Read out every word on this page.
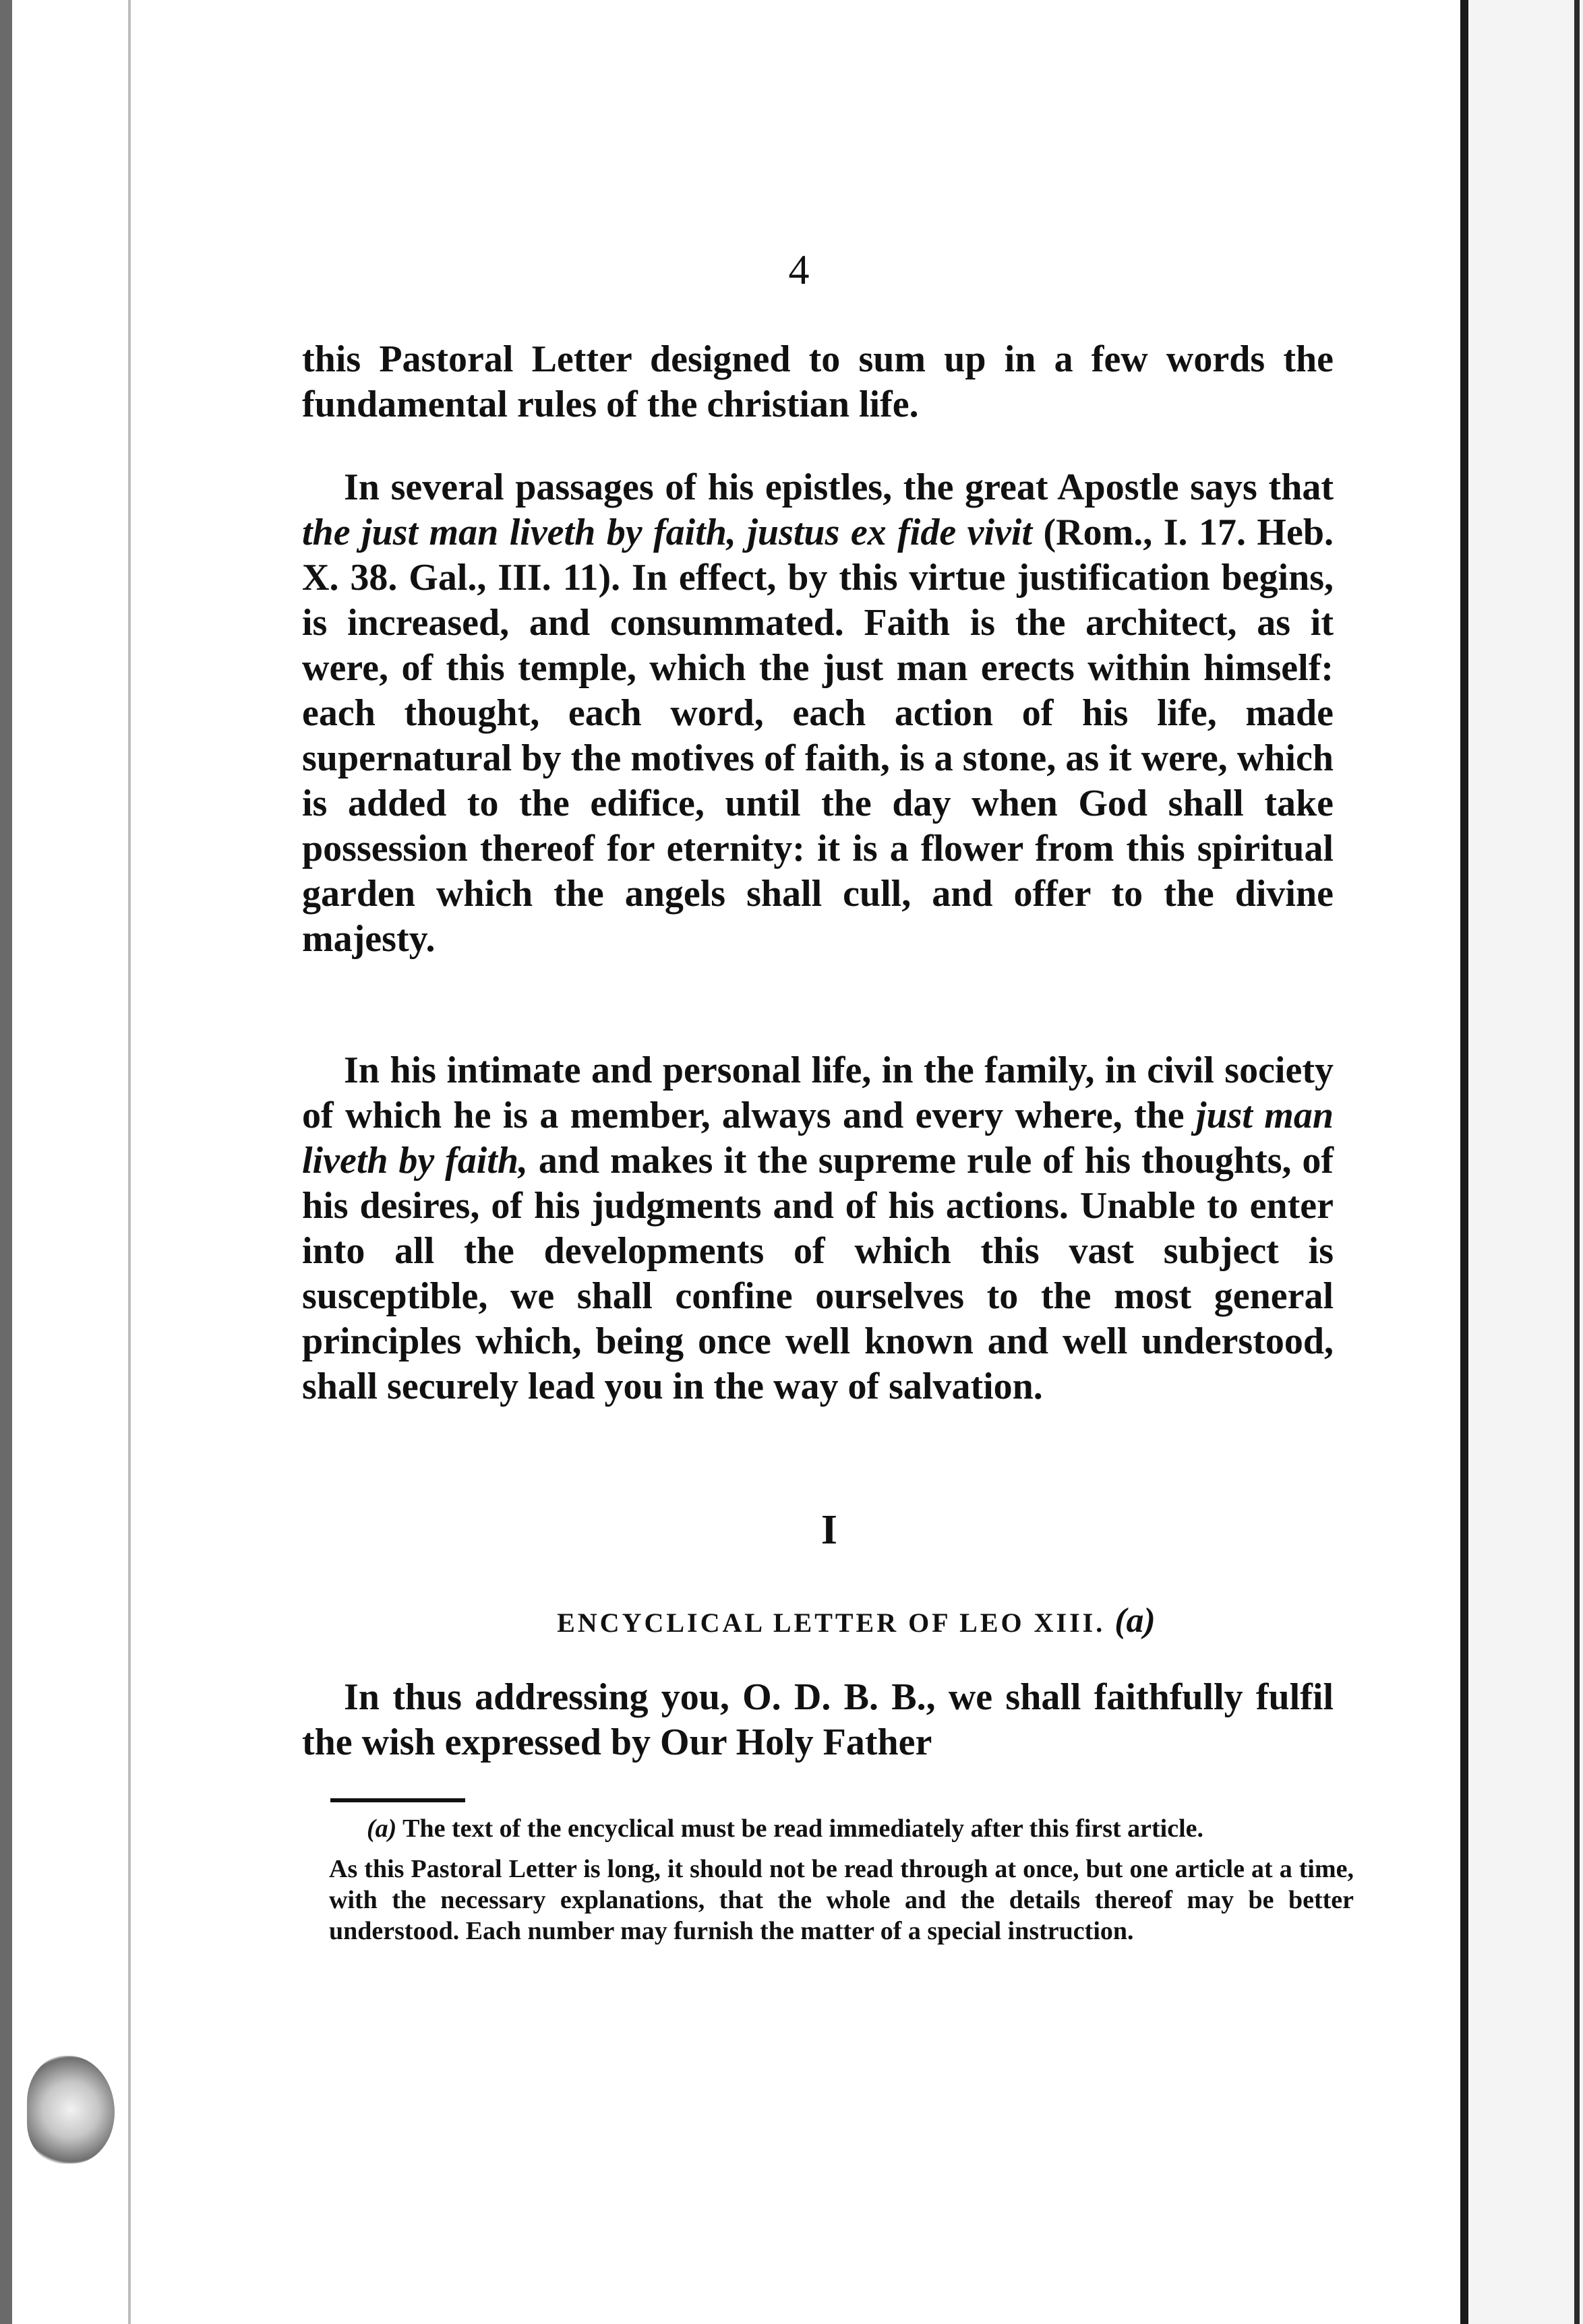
4

this Pastoral Letter designed to sum up in a few words the fundamental rules of the christian life.

In several passages of his epistles, the great Apostle says that the just man liveth by faith, justus ex fide vivit (Rom., I. 17. Heb. X. 38. Gal., III. 11). In effect, by this virtue justification begins, is increased, and consummated. Faith is the architect, as it were, of this temple, which the just man erects within himself: each thought, each word, each action of his life, made supernatural by the motives of faith, is a stone, as it were, which is added to the edifice, until the day when God shall take possession thereof for eternity: it is a flower from this spiritual garden which the angels shall cull, and offer to the divine majesty.

In his intimate and personal life, in the family, in civil society of which he is a member, always and every where, the just man liveth by faith, and makes it the supreme rule of his thoughts, of his desires, of his judgments and of his actions. Unable to enter into all the developments of which this vast subject is susceptible, we shall confine ourselves to the most general principles which, being once well known and well understood, shall securely lead you in the way of salvation.

I
ENCYCLICAL LETTER OF LEO XIII. (a)

In thus addressing you, O. D. B. B., we shall faithfully fulfil the wish expressed by Our Holy Father

(a) The text of the encyclical must be read immediately after this first article.

As this Pastoral Letter is long, it should not be read through at once, but one article at a time, with the necessary explanations, that the whole and the details thereof may be better understood. Each number may furnish the matter of a special instruction.
